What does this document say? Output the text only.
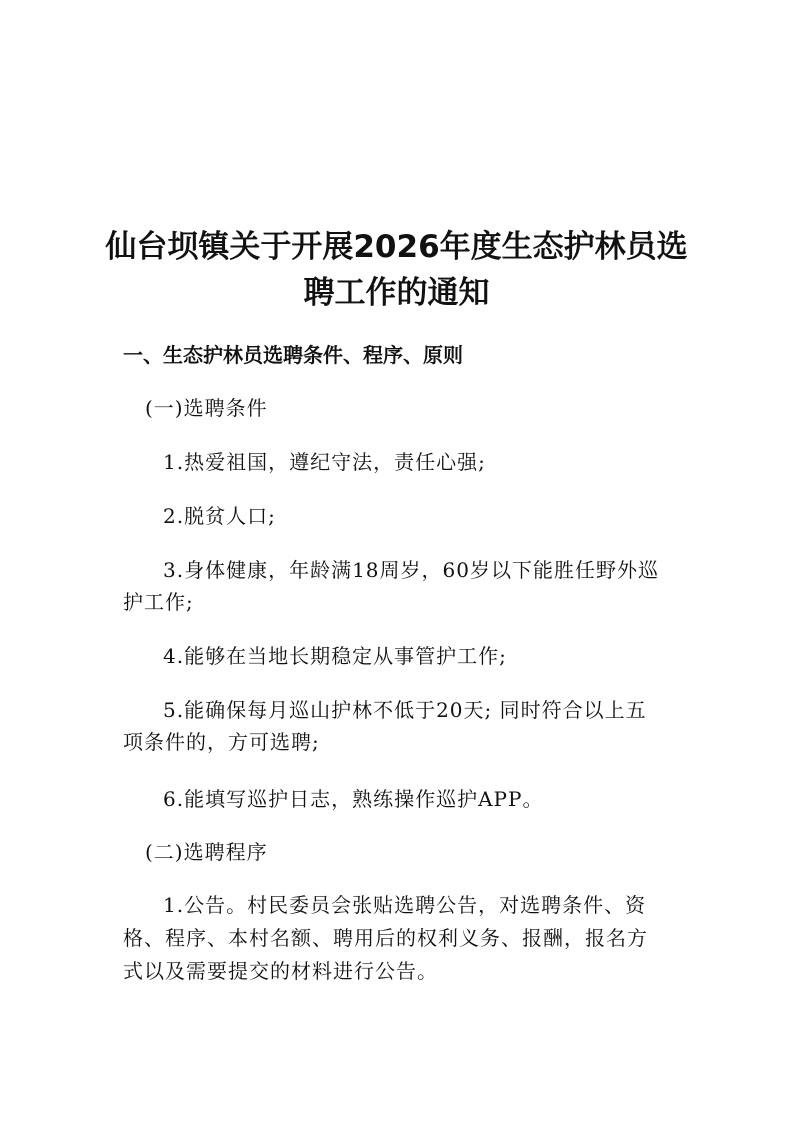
仙台坝镇关于开展2026年度生态护林员选
聘工作的通知
一、生态护林员选聘条件、程序、原则
(一)选聘条件
1.热爱祖国，遵纪守法，责任心强;
2.脱贫人口;
3.身体健康，年龄满18周岁，60岁以下能胜任野外巡
护工作;
4.能够在当地长期稳定从事管护工作;
5.能确保每月巡山护林不低于20天; 同时符合以上五
项条件的，方可选聘;
6.能填写巡护日志，熟练操作巡护APP。
(二)选聘程序
1.公告。村民委员会张贴选聘公告，对选聘条件、资
格、程序、本村名额、聘用后的权利义务、报酬，报名方
式以及需要提交的材料进行公告。
